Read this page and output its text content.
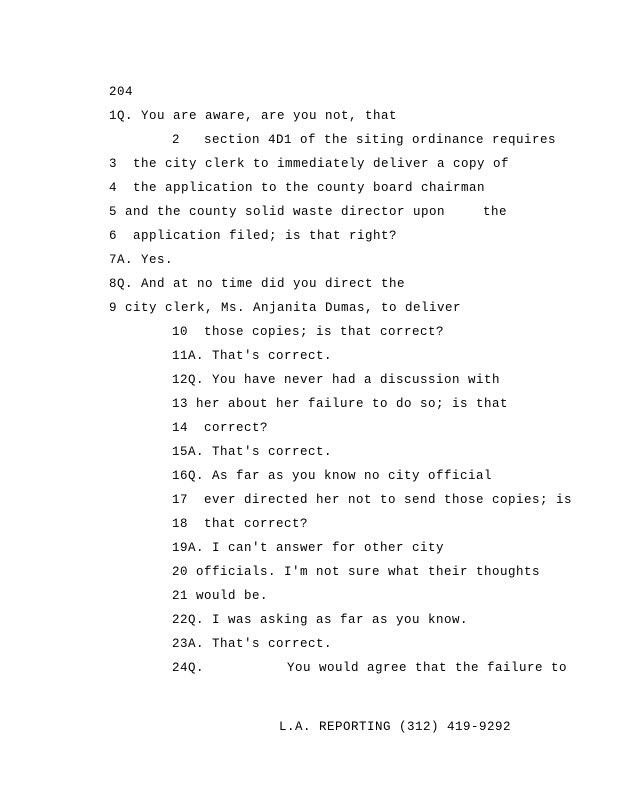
204
1Q. You are aware, are you not, that
2   section 4D1 of the siting ordinance requires
3  the city clerk to immediately deliver a copy of
4  the application to the county board chairman
5 and the county solid waste director upon	the
6  application filed; is that right?
7A. Yes.
8Q. And at no time did you direct the
9 city clerk, Ms. Anjanita Dumas, to deliver
10  those copies; is that correct?
11A. That's correct.
12Q. You have never had a discussion with
13 her about her failure to do so; is that
14  correct?
15A. That's correct.
16Q. As far as you know no city official
17  ever directed her not to send those copies; is
18  that correct?
19A. I can't answer for other city
20 officials. I'm not sure what their thoughts
21 would be.
22Q. I was asking as far as you know.
23A. That's correct.
24Q.	You would agree that the failure to
L.A. REPORTING (312) 419-9292
